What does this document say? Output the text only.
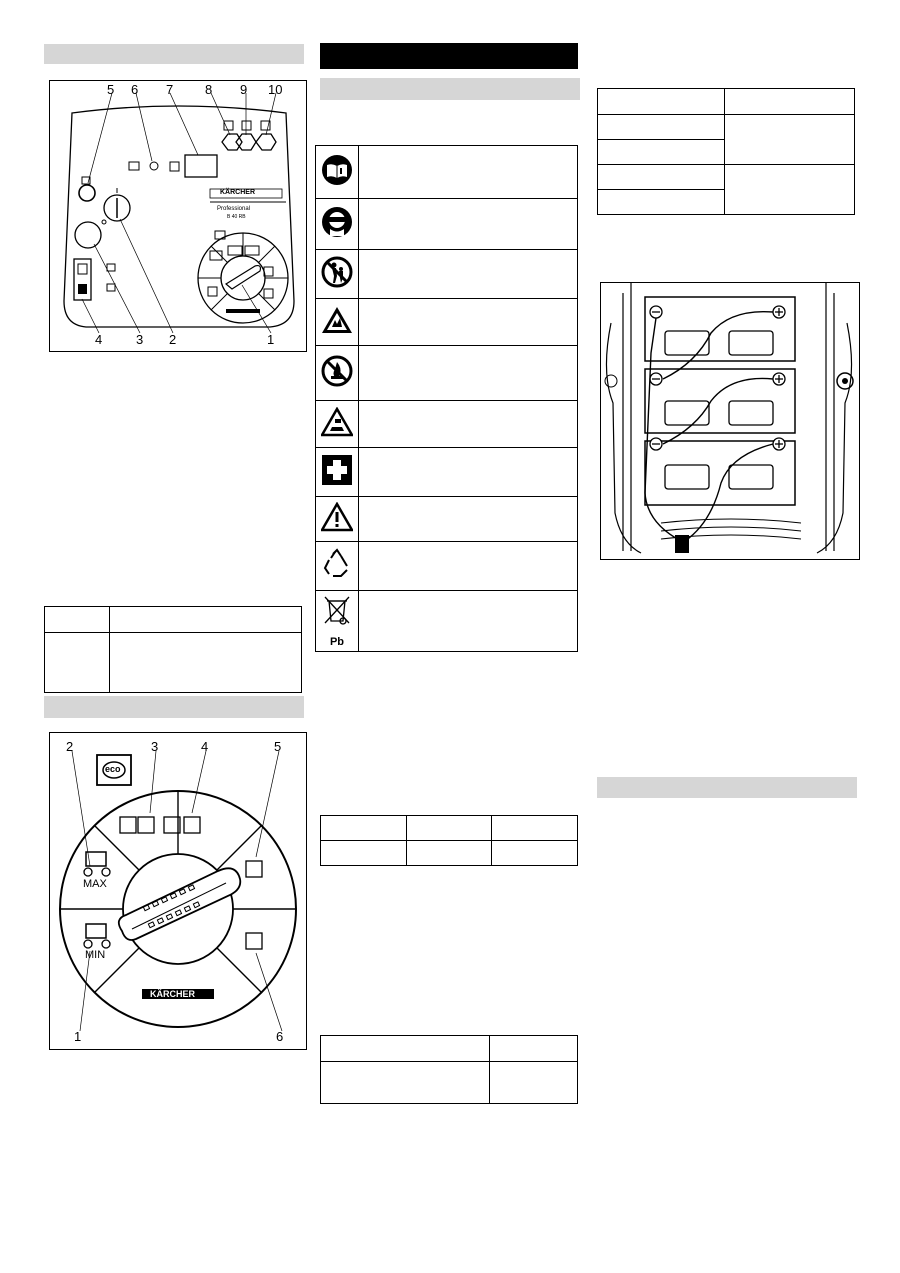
5 6 7 8 9 10
4	3 2	1
KÄRCHER
Professional
B 40 RB

2	3	4	5
1	6
eco
MAX
MIN
KÄRCHER

Pb	
